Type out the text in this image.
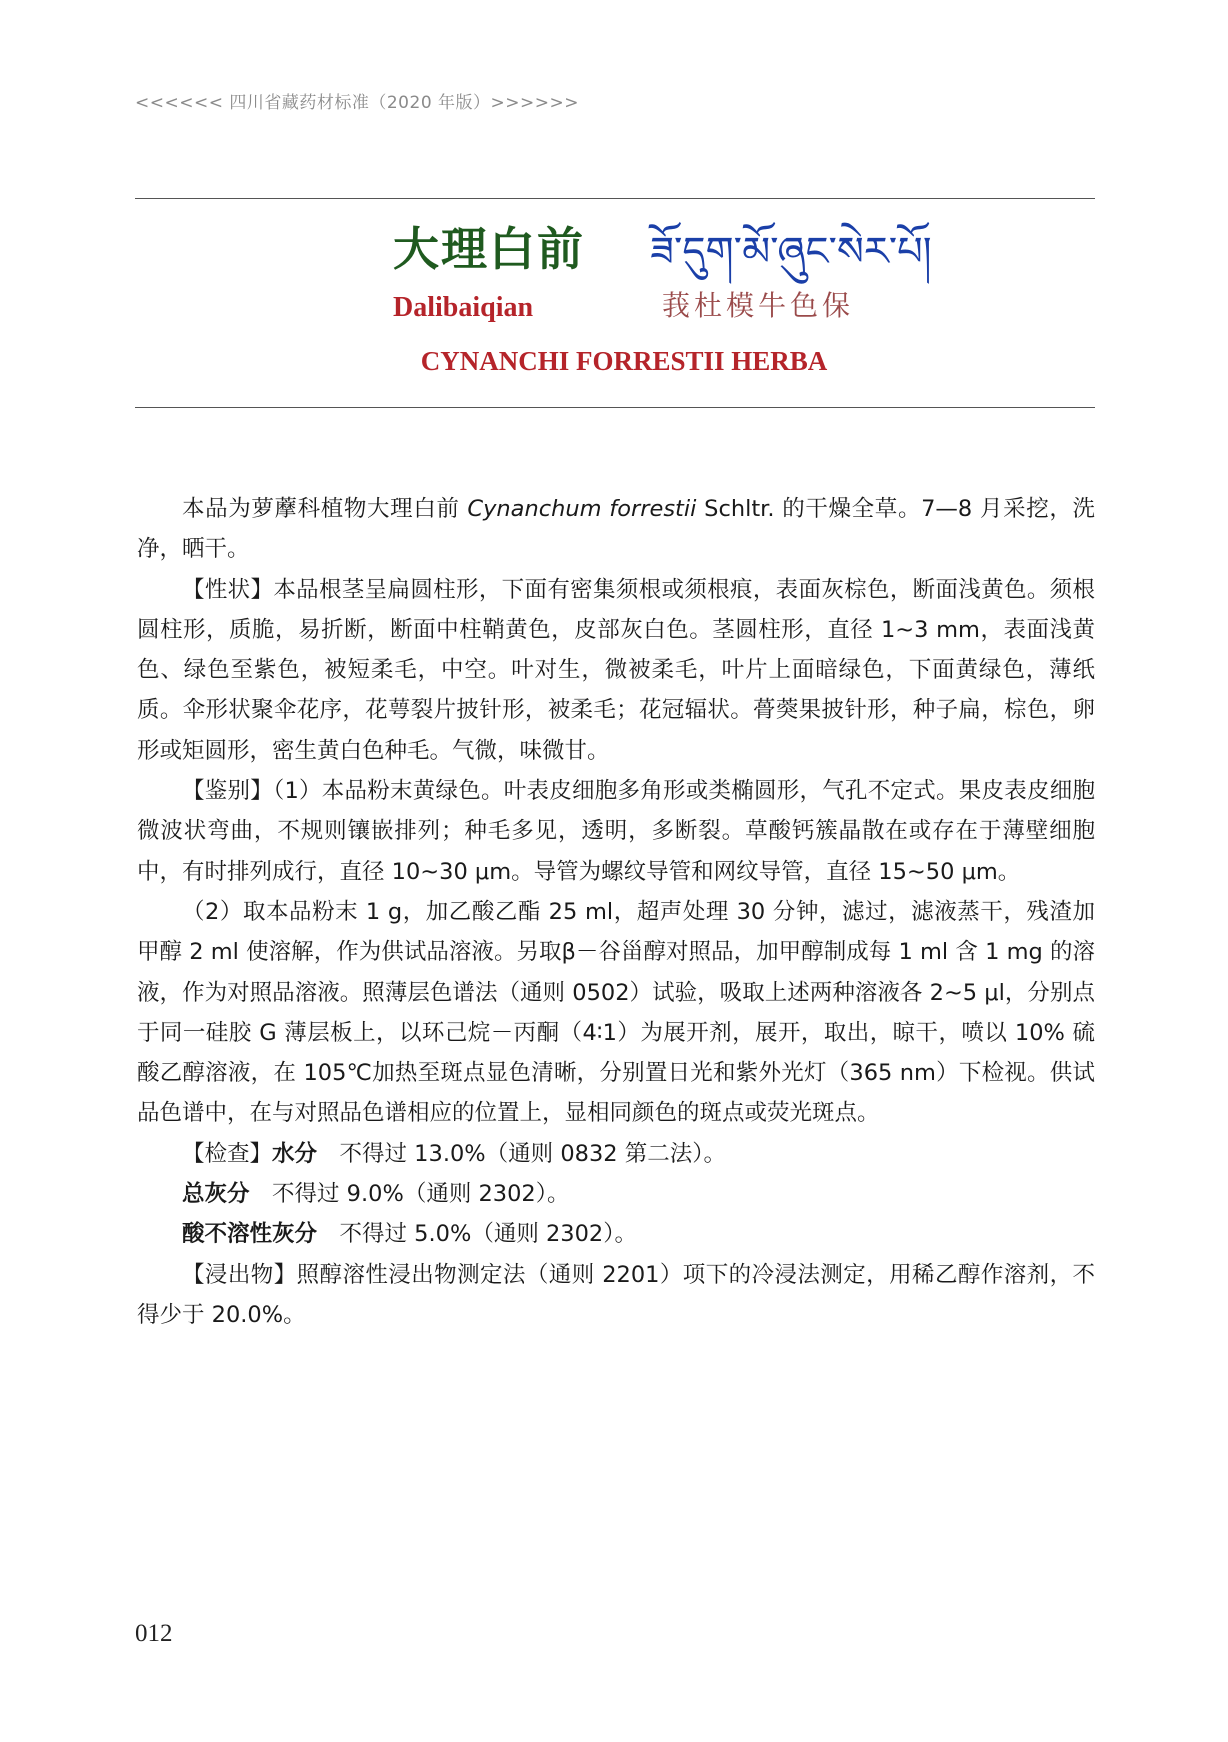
<<<<<< 四川省藏药材标准（2020 年版）>>>>>>
大理白前 ཟོ་དུག་མོ་ཞུང་སེར་པོ།
Dalibaiqian	莪杜模牛色保
CYNANCHI FORRESTII HERBA

本品为萝藦科植物大理白前 Cynanchum forrestii Schltr. 的干燥全草。7—8 月采挖，洗净，晒干。

【性状】本品根茎呈扁圆柱形，下面有密集须根或须根痕，表面灰棕色，断面浅黄色。须根圆柱形，质脆，易折断，断面中柱鞘黄色，皮部灰白色。茎圆柱形，直径 1~3 mm，表面浅黄色、绿色至紫色，被短柔毛，中空。叶对生，微被柔毛，叶片上面暗绿色，下面黄绿色，薄纸质。伞形状聚伞花序，花萼裂片披针形，被柔毛；花冠辐状。蓇葖果披针形，种子扁，棕色，卵形或矩圆形，密生黄白色种毛。气微，味微甘。

【鉴别】（1）本品粉末黄绿色。叶表皮细胞多角形或类椭圆形，气孔不定式。果皮表皮细胞微波状弯曲，不规则镶嵌排列；种毛多见，透明，多断裂。草酸钙簇晶散在或存在于薄壁细胞中，有时排列成行，直径 10~30 μm。导管为螺纹导管和网纹导管，直径 15~50 μm。

（2）取本品粉末 1 g，加乙酸乙酯 25 ml，超声处理 30 分钟，滤过，滤液蒸干，残渣加甲醇 2 ml 使溶解，作为供试品溶液。另取β－谷甾醇对照品，加甲醇制成每 1 ml 含 1 mg 的溶液，作为对照品溶液。照薄层色谱法（通则 0502）试验，吸取上述两种溶液各 2~5 μl，分别点于同一硅胶 G 薄层板上，以环己烷－丙酮（4∶1）为展开剂，展开，取出，晾干，喷以 10% 硫酸乙醇溶液，在 105℃加热至斑点显色清晰，分别置日光和紫外光灯（365 nm）下检视。供试品色谱中，在与对照品色谱相应的位置上，显相同颜色的斑点或荧光斑点。

【检查】水分　不得过 13.0%（通则 0832 第二法）。

总灰分　不得过 9.0%（通则 2302）。

酸不溶性灰分　不得过 5.0%（通则 2302）。

【浸出物】照醇溶性浸出物测定法（通则 2201）项下的冷浸法测定，用稀乙醇作溶剂，不得少于 20.0%。

012
